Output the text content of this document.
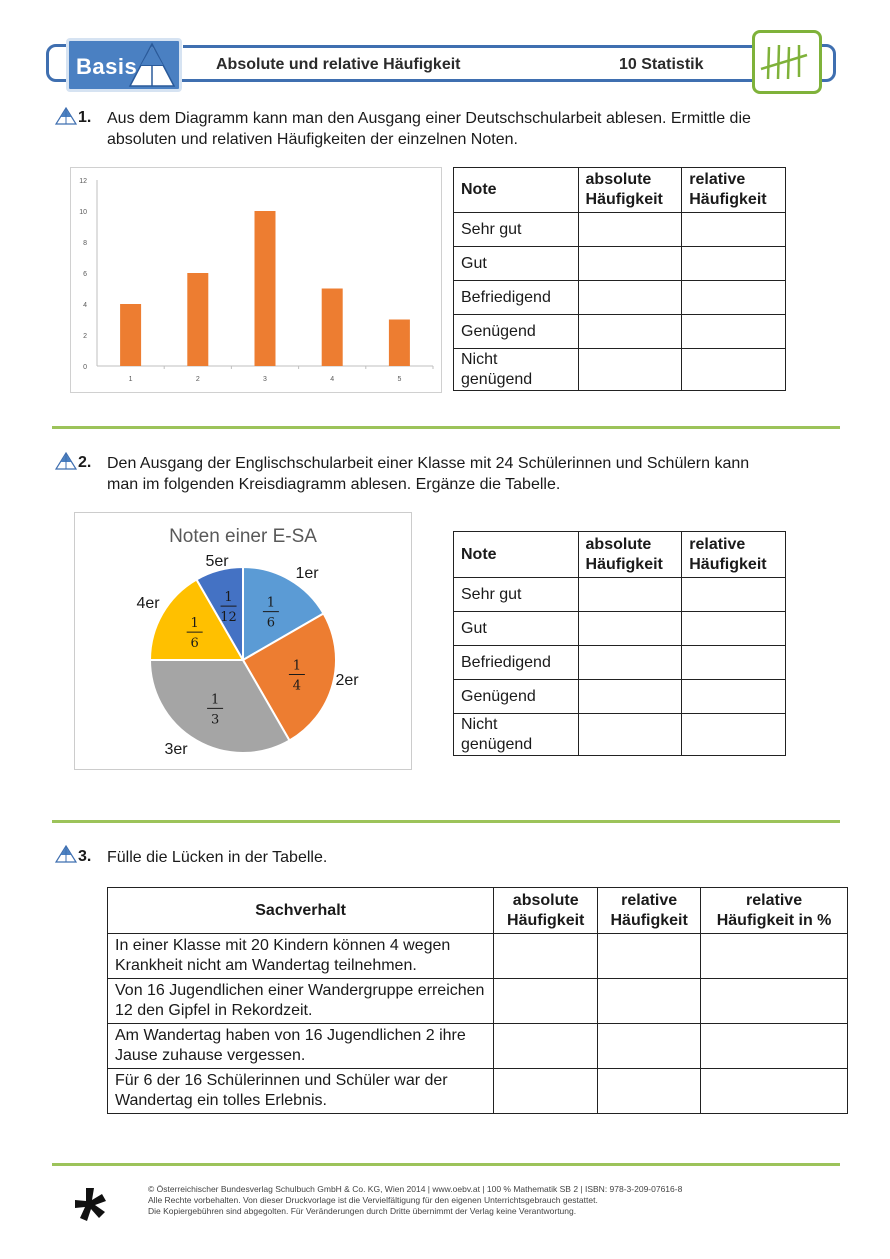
Basis	Absolute und relative Häufigkeit	10 Statistik
1. Aus dem Diagramm kann man den Ausgang einer Deutschschularbeit ablesen. Ermittle die
absoluten und relativen Häufigkeiten der einzelnen Noten.
0
2
4
6
8
10
12
1	2	3	4	5
Note	absolute Häufigkeit	relative Häufigkeit
Sehr gut		
Gut		
Befriedigend		
Genügend		
Nicht genügend		
2. Den Ausgang der Englischschularbeit einer Klasse mit 24 Schülerinnen und Schülern kann
man im folgenden Kreisdiagramm ablesen. Ergänze die Tabelle.
Noten einer E-SA
1
6
1er
1
4 2er
1
3
3er
1
6
4er	1
12
5er	Note	absolute Häufigkeit	relative Häufigkeit
Sehr gut		
Gut		
Befriedigend		
Genügend		
Nicht genügend		
3. Fülle die Lücken in der Tabelle.
Sachverhalt	absolute Häufigkeit	relative Häufigkeit	relative Häufigkeit in %
In einer Klasse mit 20 Kindern können 4 wegen Krankheit nicht am Wandertag teilnehmen.			
Von 16 Jugendlichen einer Wandergruppe erreichen 12 den Gipfel in Rekordzeit.			
Am Wandertag haben von 16 Jugendlichen 2 ihre Jause zuhause vergessen.			
Für 6 der 16 Schülerinnen und Schüler war der Wandertag ein tolles Erlebnis.			
© Österreichischer Bundesverlag Schulbuch GmbH & Co. KG, Wien 2014 | www.oebv.at | 100 % Mathematik SB 2 | ISBN: 978-3-209-07616-8
Alle Rechte vorbehalten. Von dieser Druckvorlage ist die Vervielfältigung für den eigenen Unterrichtsgebrauch gestattet.
Die Kopiergebühren sind abgegolten. Für Veränderungen durch Dritte übernimmt der Verlag keine Verantwortung.
